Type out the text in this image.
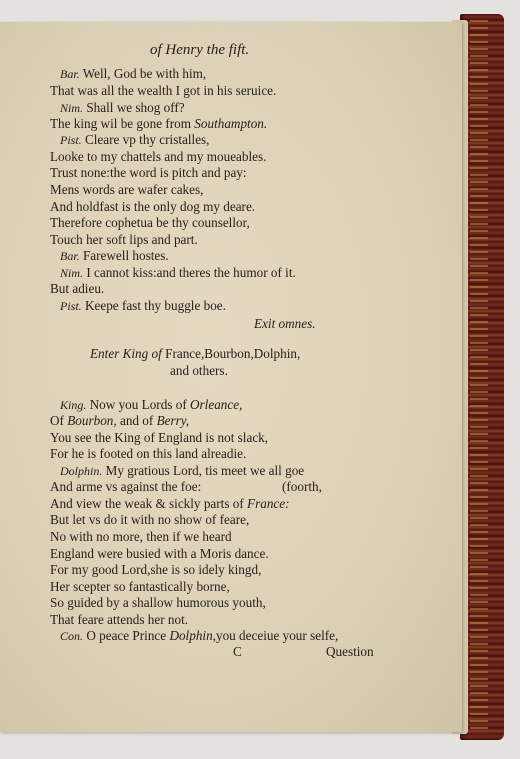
of Henry the fift.

Bar. Well, God be with him,

That was all the wealth I got in his seruice.

Nim. Shall we shog off?

The king wil be gone from Southampton.

Pist. Cleare vp thy cristalles,

Looke to my chattels and my moueables.

Trust none:the word is pitch and pay:

Mens words are wafer cakes,

And holdfast is the only dog my deare.

Therefore cophetua be thy counsellor,

Touch her soft lips and part.

Bar. Farewell hostes.

Nim. I cannot kiss:and theres the humor of it.

But adieu.

Pist. Keepe fast thy buggle boe.

Exit omnes.

Enter King of France,Bourbon,Dolphin,

and others.

King. Now you Lords of Orleance,

Of Bourbon, and of Berry,

You see the King of England is not slack,

For he is footed on this land alreadie.

Dolphin. My gratious Lord, tis meet we all goe

And arme vs against the foe:	(foorth,

And view the weak & sickly parts of France:

But let vs do it with no show of feare,

No with no more, then if we heard

England were busied with a Moris dance.

For my good Lord,she is so idely kingd,

Her scepter so fantastically borne,

So guided by a shallow humorous youth,

That feare attends her not.

Con. O peace Prince Dolphin,you deceiue your selfe,

C	Question
